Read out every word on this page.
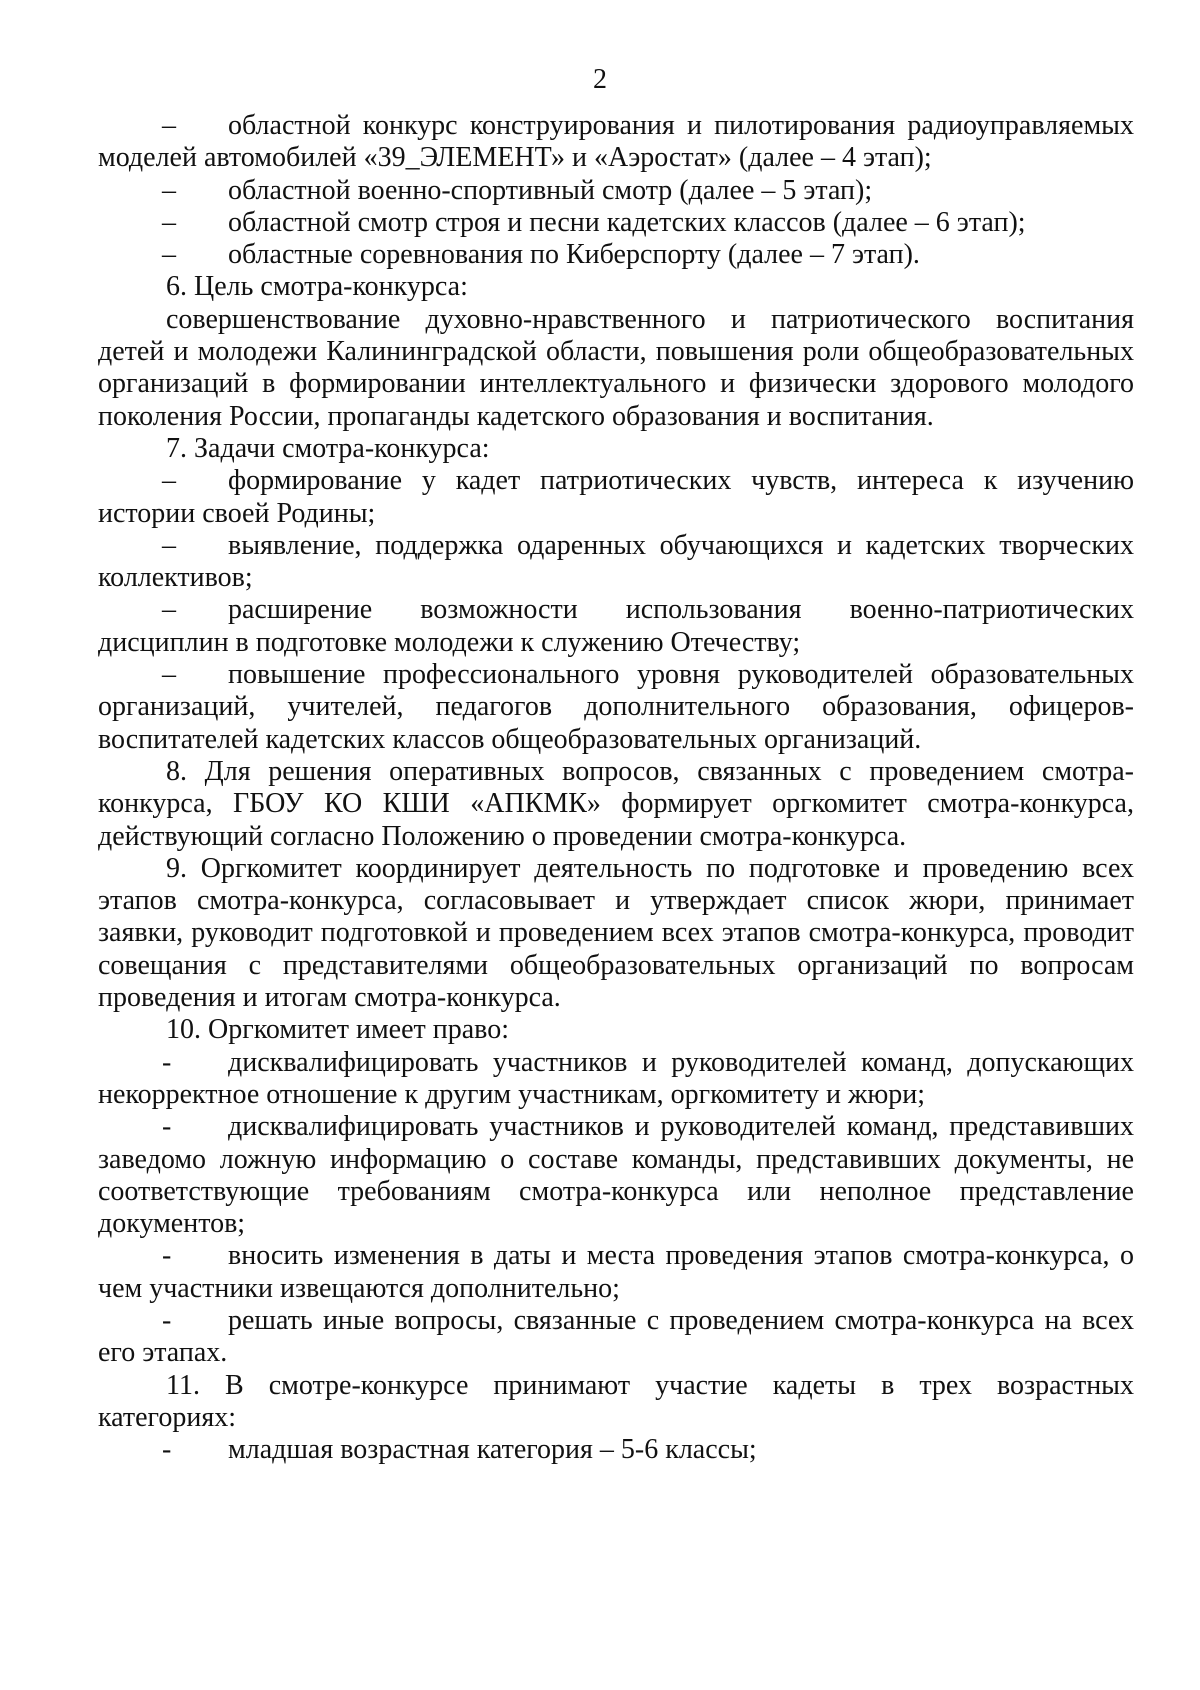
2

– областной конкурс конструирования и пилотирования радиоуправляемых моделей автомобилей «39_ЭЛЕМЕНТ» и «Аэростат» (далее – 4 этап);

– областной военно-спортивный смотр (далее – 5 этап);

– областной смотр строя и песни кадетских классов (далее – 6 этап);

– областные соревнования по Киберспорту (далее – 7 этап).

6. Цель смотра-конкурса:

совершенствование духовно-нравственного и патриотического воспитания детей и молодежи Калининградской области, повышения роли общеобразовательных организаций в формировании интеллектуального и физически здорового молодого поколения России, пропаганды кадетского образования и воспитания.

7. Задачи смотра-конкурса:

– формирование у кадет патриотических чувств, интереса к изучению истории своей Родины;

– выявление, поддержка одаренных обучающихся и кадетских творческих коллективов;

– расширение возможности использования военно-патриотических дисциплин в подготовке молодежи к служению Отечеству;

– повышение профессионального уровня руководителей образовательных организаций, учителей, педагогов дополнительного образования, офицеров-воспитателей кадетских классов общеобразовательных организаций.

8. Для решения оперативных вопросов, связанных с проведением смотра-конкурса, ГБОУ КО КШИ «АПКМК» формирует оргкомитет смотра-конкурса, действующий согласно Положению о проведении смотра-конкурса.

9. Оргкомитет координирует деятельность по подготовке и проведению всех этапов смотра-конкурса, согласовывает и утверждает список жюри, принимает заявки, руководит подготовкой и проведением всех этапов смотра-конкурса, проводит совещания с представителями общеобразовательных организаций по вопросам проведения и итогам смотра-конкурса.

10. Оргкомитет имеет право:

- дисквалифицировать участников и руководителей команд, допускающих некорректное отношение к другим участникам, оргкомитету и жюри;

- дисквалифицировать участников и руководителей команд, представивших заведомо ложную информацию о составе команды, представивших документы, не соответствующие требованиям смотра-конкурса или неполное представление документов;

- вносить изменения в даты и места проведения этапов смотра-конкурса, о чем участники извещаются дополнительно;

- решать иные вопросы, связанные с проведением смотра-конкурса на всех его этапах.

11. В смотре-конкурсе принимают участие кадеты в трех возрастных категориях:

- младшая возрастная категория – 5-6 классы;
